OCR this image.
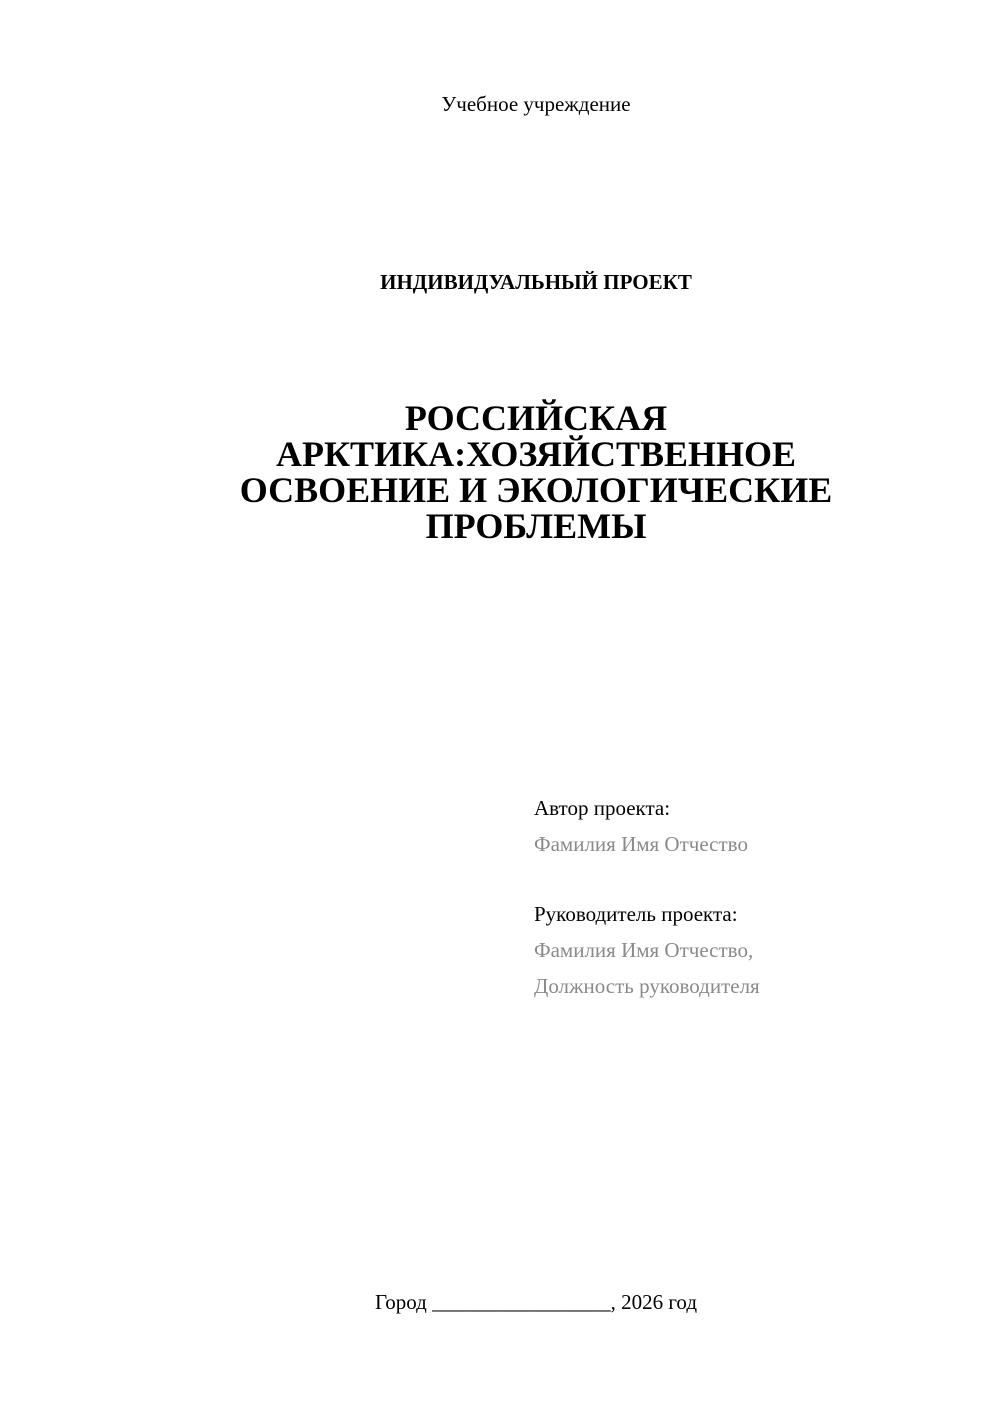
Учебное учреждение
ИНДИВИДУАЛЬНЫЙ ПРОЕКТ
РОССИЙСКАЯ
АРКТИКА:ХОЗЯЙСТВЕННОЕ
ОСВОЕНИЕ И ЭКОЛОГИЧЕСКИЕ
ПРОБЛЕМЫ
Автор проекта:
Фамилия Имя Отчество
Руководитель проекта:
Фамилия Имя Отчество,
Должность руководителя
Город _________________, 2026 год
